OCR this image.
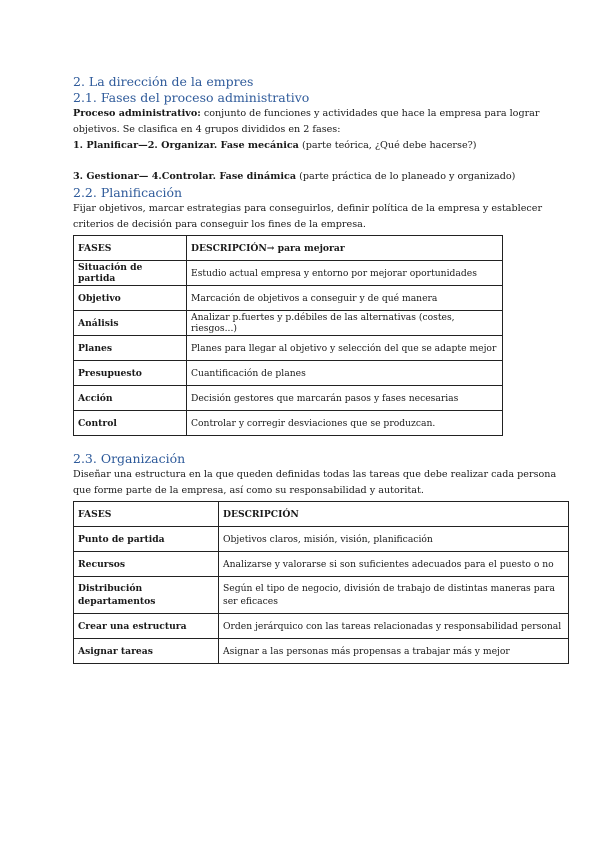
2. La dirección de la empres
2.1. Fases del proceso administrativo

Proceso administrativo: conjunto de funciones y actividades que hace la empresa para lograr objetivos. Se clasifica en 4 grupos divididos en 2 fases:

1. Planificar—2. Organizar. Fase mecánica (parte teórica, ¿Qué debe hacerse?)

3. Gestionar— 4.Controlar. Fase dinámica (parte práctica de lo planeado y organizado)

2.2. Planificación

Fijar objetivos, marcar estrategias para conseguirlos, definir política de la empresa y establecer criterios de decisión para conseguir los fines de la empresa.

FASES	DESCRIPCIÓN→ para mejorar
Situación de partida	Estudio actual empresa y entorno por mejorar oportunidades
Objetivo	Marcación de objetivos a conseguir y de qué manera
Análisis	Analizar p.fuertes y p.débiles de las alternativas (costes, riesgos...)
Planes	Planes para llegar al objetivo y selección del que se adapte mejor
Presupuesto	Cuantificación de planes
Acción	Decisión gestores que marcarán pasos y fases necesarias
Control	Controlar y corregir desviaciones que se produzcan.
2.3. Organización

Diseñar una estructura en la que queden definidas todas las tareas que debe realizar cada persona

que forme parte de la empresa, así como su responsabilidad y autoritat.

FASES	DESCRIPCIÓN
Punto de partida	Objetivos claros, misión, visión, planificación
Recursos	Analizarse y valorarse si son suficientes adecuados para el puesto o no
Distribución departamentos	Según el tipo de negocio, división de trabajo de distintas maneras para ser eficaces
Crear una estructura	Orden jerárquico con las tareas relacionadas y responsabilidad personal
Asignar tareas	Asignar a las personas más propensas a trabajar más y mejor
